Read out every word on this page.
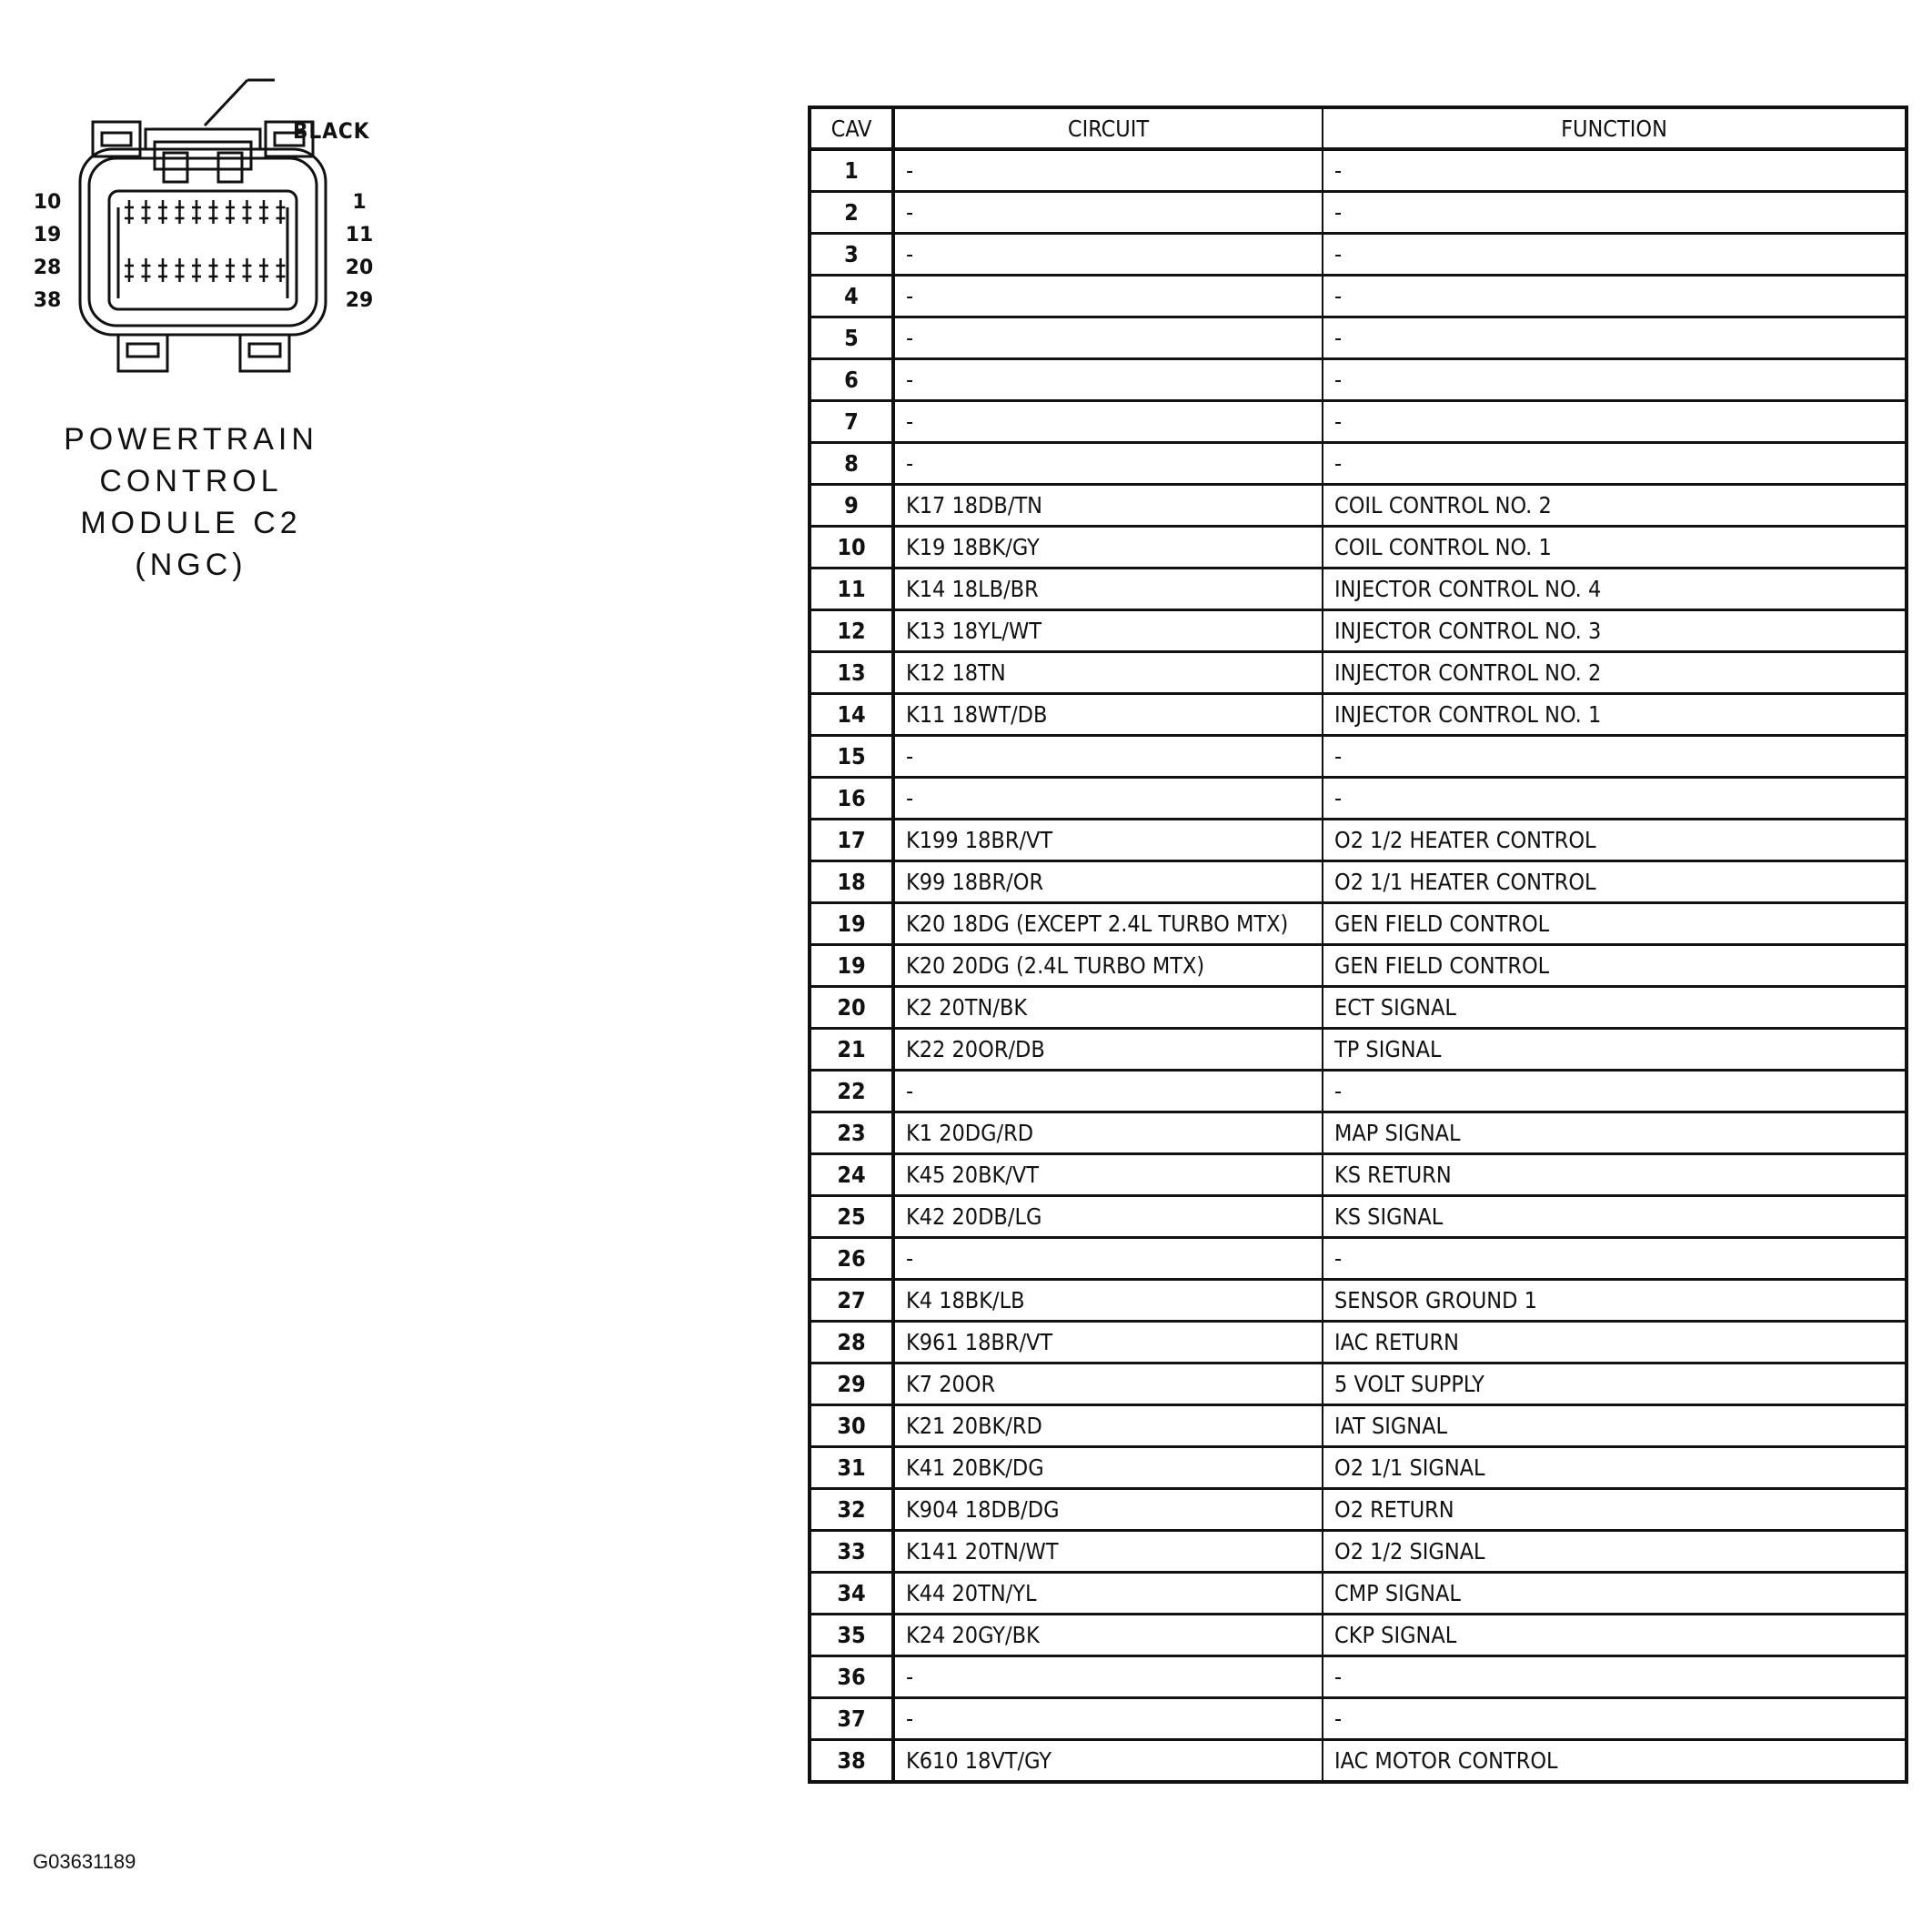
BLACK
10
19
28
38
1
11
20
29
POWERTRAIN
CONTROL
MODULE C2
(NGC)
G03631189
CAV	CIRCUIT	FUNCTION
1	-	-
2	-	-
3	-	-
4	-	-
5	-	-
6	-	-
7	-	-
8	-	-
9	K17 18DB/TN	COIL CONTROL NO. 2
10	K19 18BK/GY	COIL CONTROL NO. 1
11	K14 18LB/BR	INJECTOR CONTROL NO. 4
12	K13 18YL/WT	INJECTOR CONTROL NO. 3
13	K12 18TN	INJECTOR CONTROL NO. 2
14	K11 18WT/DB	INJECTOR CONTROL NO. 1
15	-	-
16	-	-
17	K199 18BR/VT	O2 1/2 HEATER CONTROL
18	K99 18BR/OR	O2 1/1 HEATER CONTROL
19	K20 18DG (EXCEPT 2.4L TURBO MTX)	GEN FIELD CONTROL
19	K20 20DG (2.4L TURBO MTX)	GEN FIELD CONTROL
20	K2 20TN/BK	ECT SIGNAL
21	K22 20OR/DB	TP SIGNAL
22	-	-
23	K1 20DG/RD	MAP SIGNAL
24	K45 20BK/VT	KS RETURN
25	K42 20DB/LG	KS SIGNAL
26	-	-
27	K4 18BK/LB	SENSOR GROUND 1
28	K961 18BR/VT	IAC RETURN
29	K7 20OR	5 VOLT SUPPLY
30	K21 20BK/RD	IAT SIGNAL
31	K41 20BK/DG	O2 1/1 SIGNAL
32	K904 18DB/DG	O2 RETURN
33	K141 20TN/WT	O2 1/2 SIGNAL
34	K44 20TN/YL	CMP SIGNAL
35	K24 20GY/BK	CKP SIGNAL
36	-	-
37	-	-
38	K610 18VT/GY	IAC MOTOR CONTROL
